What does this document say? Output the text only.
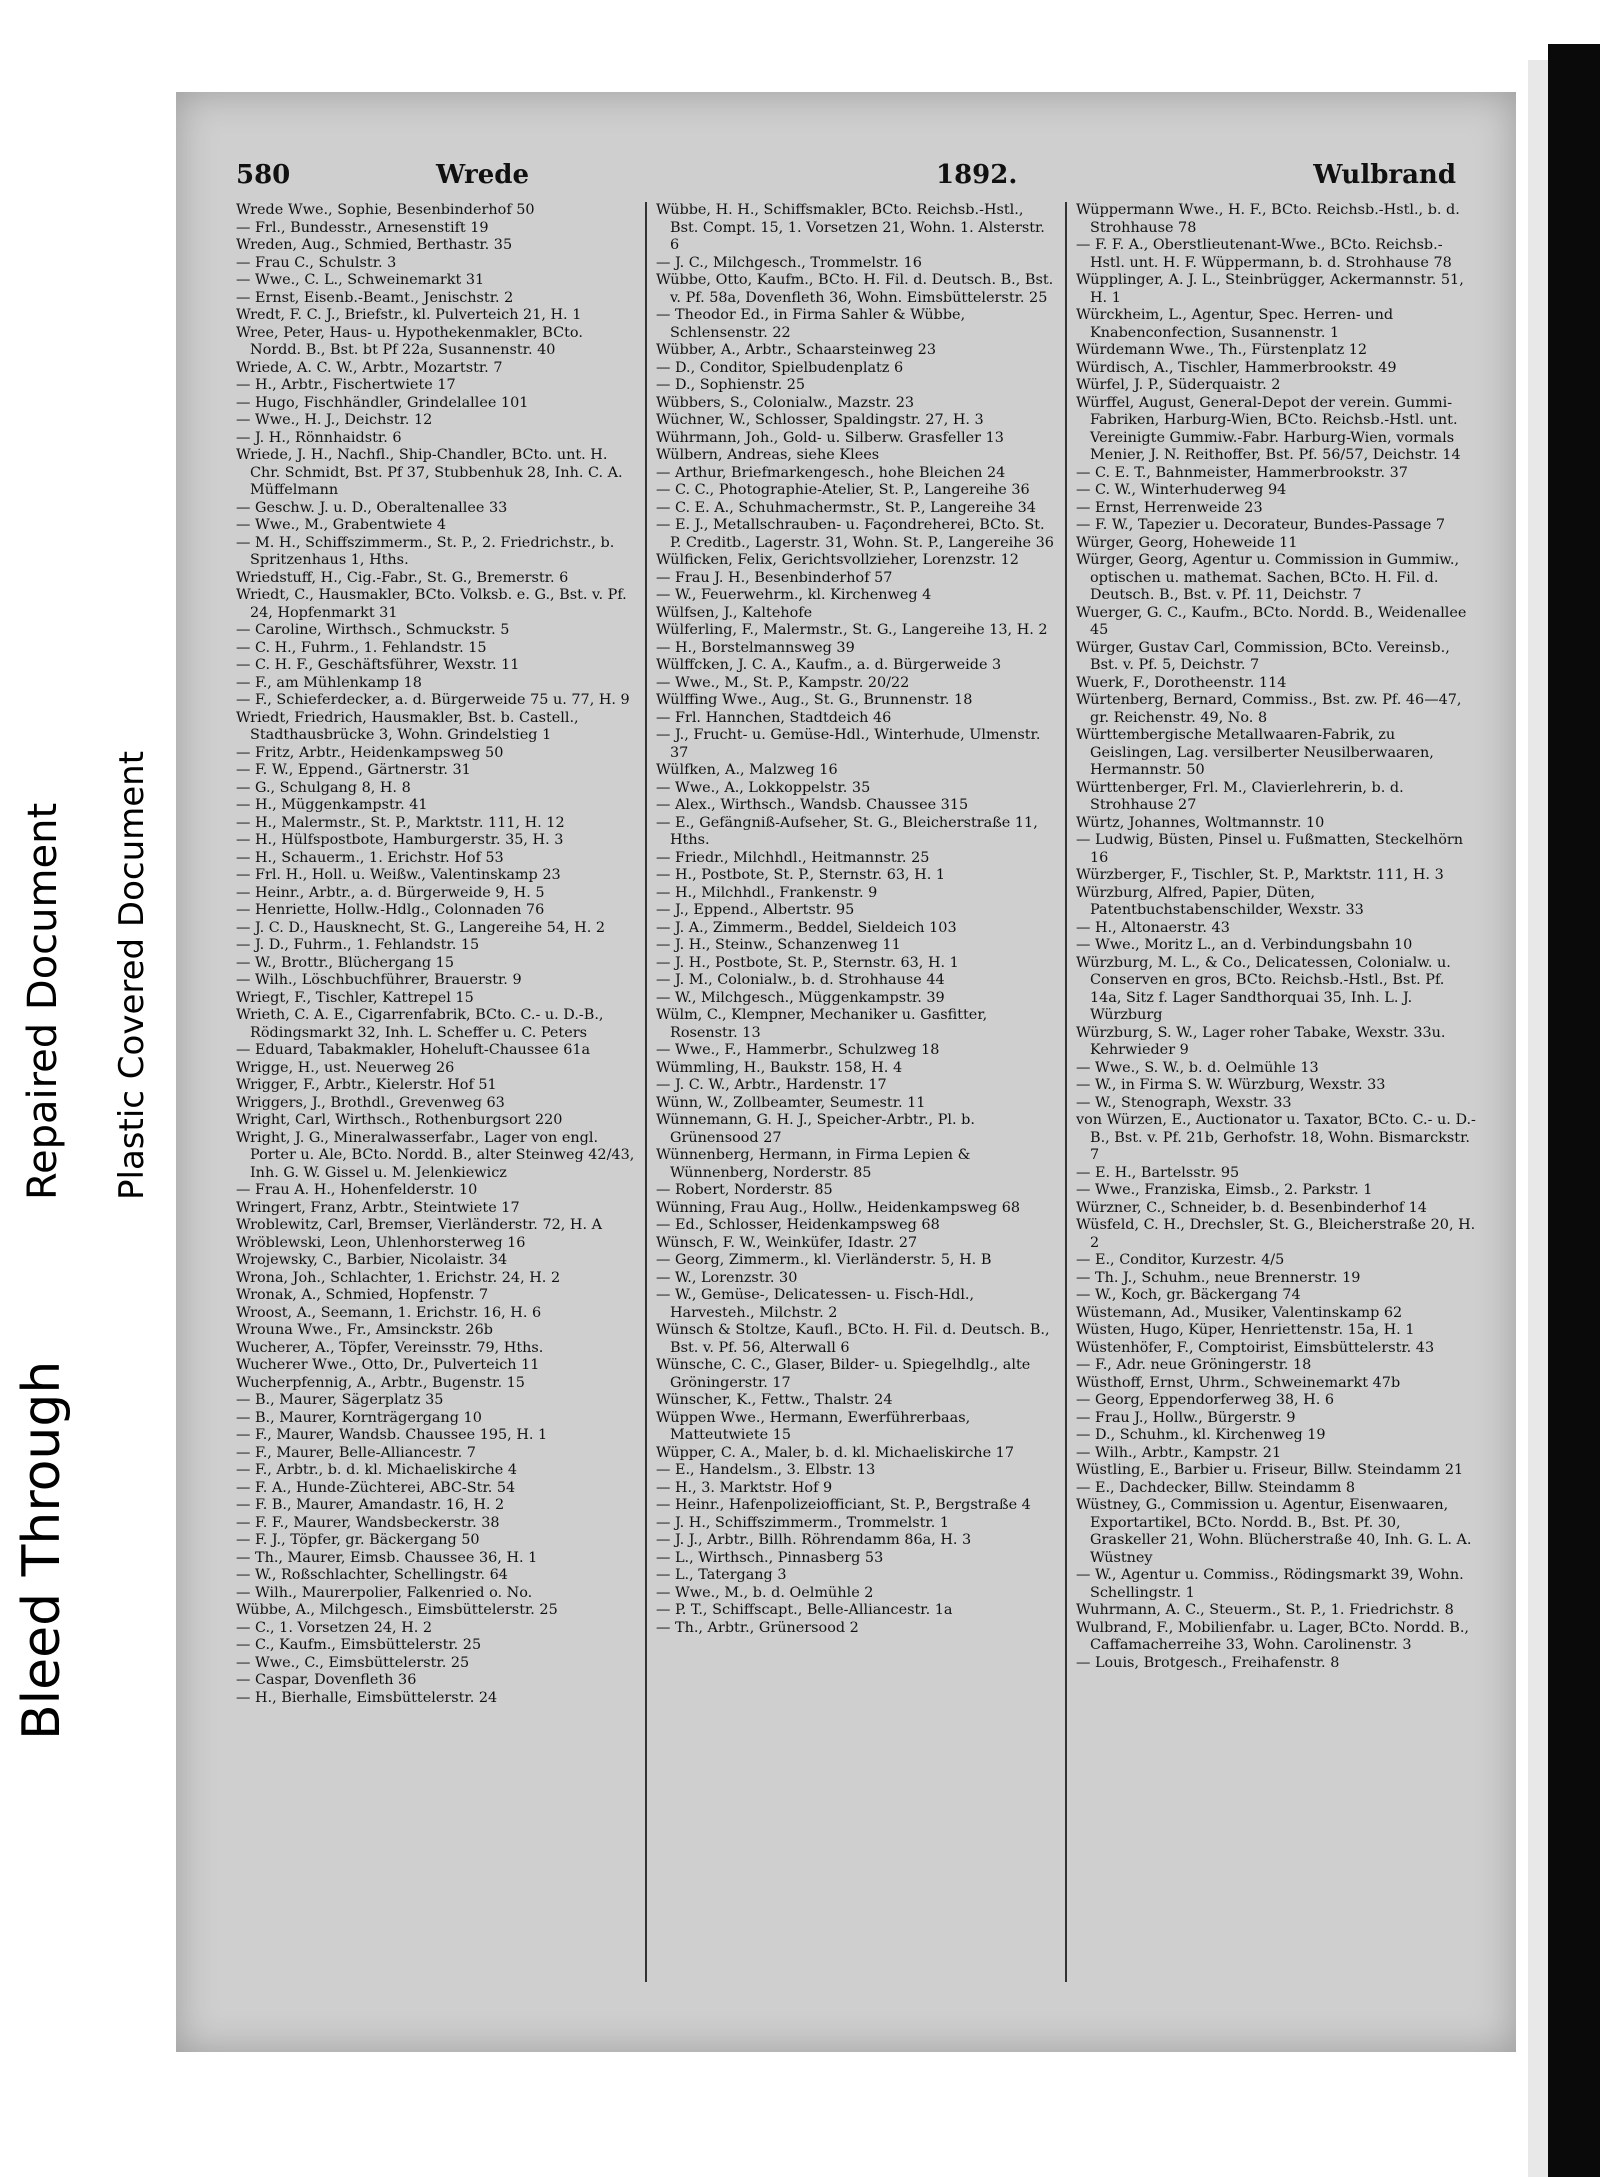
Bleed Through
Repaired Document Plastic Covered Document
580	Wrede	1892.	Wulbrand

Wrede Wwe., Sophie, Besenbinderhof 50

— Frl., Bundesstr., Arnesenstift 19

Wreden, Aug., Schmied, Berthastr. 35

— Frau C., Schulstr. 3

— Wwe., C. L., Schweinemarkt 31

— Ernst, Eisenb.-Beamt., Jenischstr. 2

Wredt, F. C. J., Briefstr., kl. Pulverteich 21, H. 1

Wree, Peter, Haus- u. Hypothekenmakler, BCto. Nordd. B., Bst. bt Pf 22a, Susannenstr. 40

Wriede, A. C. W., Arbtr., Mozartstr. 7

— H., Arbtr., Fischertwiete 17

— Hugo, Fischhändler, Grindelallee 101

— Wwe., H. J., Deichstr. 12

— J. H., Rönnhaidstr. 6

Wriede, J. H., Nachfl., Ship-Chandler, BCto. unt. H. Chr. Schmidt, Bst. Pf 37, Stubbenhuk 28, Inh. C. A. Müffelmann

— Geschw. J. u. D., Oberaltenallee 33

— Wwe., M., Grabentwiete 4

— M. H., Schiffszimmerm., St. P., 2. Friedrichstr., b. Spritzenhaus 1, Hths.

Wriedstuff, H., Cig.-Fabr., St. G., Bremerstr. 6

Wriedt, C., Hausmakler, BCto. Volksb. e. G., Bst. v. Pf. 24, Hopfenmarkt 31

— Caroline, Wirthsch., Schmuckstr. 5

— C. H., Fuhrm., 1. Fehlandstr. 15

— C. H. F., Geschäftsführer, Wexstr. 11

— F., am Mühlenkamp 18

— F., Schieferdecker, a. d. Bürgerweide 75 u. 77, H. 9

Wriedt, Friedrich, Hausmakler, Bst. b. Castell., Stadthausbrücke 3, Wohn. Grindelstieg 1

— Fritz, Arbtr., Heidenkampsweg 50

— F. W., Eppend., Gärtnerstr. 31

— G., Schulgang 8, H. 8

— H., Müggenkampstr. 41

— H., Malermstr., St. P., Marktstr. 111, H. 12

— H., Hülfspostbote, Hamburgerstr. 35, H. 3

— H., Schauerm., 1. Erichstr. Hof 53

— Frl. H., Holl. u. Weißw., Valentinskamp 23

— Heinr., Arbtr., a. d. Bürgerweide 9, H. 5

— Henriette, Hollw.-Hdlg., Colonnaden 76

— J. C. D., Hausknecht, St. G., Langereihe 54, H. 2

— J. D., Fuhrm., 1. Fehlandstr. 15

— W., Brottr., Blüchergang 15

— Wilh., Löschbuchführer, Brauerstr. 9

Wriegt, F., Tischler, Kattrepel 15

Wrieth, C. A. E., Cigarrenfabrik, BCto. C.- u. D.-B., Rödingsmarkt 32, Inh. L. Scheffer u. C. Peters

— Eduard, Tabakmakler, Hoheluft-Chaussee 61a

Wrigge, H., ust. Neuerweg 26

Wrigger, F., Arbtr., Kielerstr. Hof 51

Wriggers, J., Brothdl., Grevenweg 63

Wright, Carl, Wirthsch., Rothenburgsort 220

Wright, J. G., Mineralwasserfabr., Lager von engl. Porter u. Ale, BCto. Nordd. B., alter Steinweg 42/43, Inh. G. W. Gissel u. M. Jelenkiewicz

— Frau A. H., Hohenfelderstr. 10

Wringert, Franz, Arbtr., Steintwiete 17

Wroblewitz, Carl, Bremser, Vierländerstr. 72, H. A

Wröblewski, Leon, Uhlenhorsterweg 16

Wrojewsky, C., Barbier, Nicolaistr. 34

Wrona, Joh., Schlachter, 1. Erichstr. 24, H. 2

Wronak, A., Schmied, Hopfenstr. 7

Wroost, A., Seemann, 1. Erichstr. 16, H. 6

Wrouna Wwe., Fr., Amsinckstr. 26b

Wucherer, A., Töpfer, Vereinsstr. 79, Hths.

Wucherer Wwe., Otto, Dr., Pulverteich 11

Wucherpfennig, A., Arbtr., Bugenstr. 15

— B., Maurer, Sägerplatz 35

— B., Maurer, Kornträgergang 10

— F., Maurer, Wandsb. Chaussee 195, H. 1

— F., Maurer, Belle-Alliancestr. 7

— F., Arbtr., b. d. kl. Michaeliskirche 4

— F. A., Hunde-Züchterei, ABC-Str. 54

— F. B., Maurer, Amandastr. 16, H. 2

— F. F., Maurer, Wandsbeckerstr. 38

— F. J., Töpfer, gr. Bäckergang 50

— Th., Maurer, Eimsb. Chaussee 36, H. 1

— W., Roßschlachter, Schellingstr. 64

— Wilh., Maurerpolier, Falkenried o. No.

Wübbe, A., Milchgesch., Eimsbüttelerstr. 25

— C., 1. Vorsetzen 24, H. 2

— C., Kaufm., Eimsbüttelerstr. 25

— Wwe., C., Eimsbüttelerstr. 25

— Caspar, Dovenfleth 36

— H., Bierhalle, Eimsbüttelerstr. 24

Wübbe, H. H., Schiffsmakler, BCto. Reichsb.-Hstl., Bst. Compt. 15, 1. Vorsetzen 21, Wohn. 1. Alsterstr. 6

— J. C., Milchgesch., Trommelstr. 16

Wübbe, Otto, Kaufm., BCto. H. Fil. d. Deutsch. B., Bst. v. Pf. 58a, Dovenfleth 36, Wohn. Eimsbüttelerstr. 25

— Theodor Ed., in Firma Sahler & Wübbe, Schlensenstr. 22

Wübber, A., Arbtr., Schaarsteinweg 23

— D., Conditor, Spielbudenplatz 6

— D., Sophienstr. 25

Wübbers, S., Colonialw., Mazstr. 23

Wüchner, W., Schlosser, Spaldingstr. 27, H. 3

Wührmann, Joh., Gold- u. Silberw. Grasfeller 13

Wülbern, Andreas, siehe Klees

— Arthur, Briefmarkengesch., hohe Bleichen 24

— C. C., Photographie-Atelier, St. P., Langereihe 36

— C. E. A., Schuhmachermstr., St. P., Langereihe 34

— E. J., Metallschrauben- u. Façondreherei, BCto. St. P. Creditb., Lagerstr. 31, Wohn. St. P., Langereihe 36

Wülficken, Felix, Gerichtsvollzieher, Lorenzstr. 12

— Frau J. H., Besenbinderhof 57

— W., Feuerwehrm., kl. Kirchenweg 4

Wülfsen, J., Kaltehofe

Wülferling, F., Malermstr., St. G., Langereihe 13, H. 2

— H., Borstelmannsweg 39

Wülffcken, J. C. A., Kaufm., a. d. Bürgerweide 3

— Wwe., M., St. P., Kampstr. 20/22

Wülffing Wwe., Aug., St. G., Brunnenstr. 18

— Frl. Hannchen, Stadtdeich 46

— J., Frucht- u. Gemüse-Hdl., Winterhude, Ulmenstr. 37

Wülfken, A., Malzweg 16

— Wwe., A., Lokkoppelstr. 35

— Alex., Wirthsch., Wandsb. Chaussee 315

— E., Gefängniß-Aufseher, St. G., Bleicherstraße 11, Hths.

— Friedr., Milchhdl., Heitmannstr. 25

— H., Postbote, St. P., Sternstr. 63, H. 1

— H., Milchhdl., Frankenstr. 9

— J., Eppend., Albertstr. 95

— J. A., Zimmerm., Beddel, Sieldeich 103

— J. H., Steinw., Schanzenweg 11

— J. H., Postbote, St. P., Sternstr. 63, H. 1

— J. M., Colonialw., b. d. Strohhause 44

— W., Milchgesch., Müggenkampstr. 39

Wülm, C., Klempner, Mechaniker u. Gasfitter, Rosenstr. 13

— Wwe., F., Hammerbr., Schulzweg 18

Wümmling, H., Baukstr. 158, H. 4

— J. C. W., Arbtr., Hardenstr. 17

Wünn, W., Zollbeamter, Seumestr. 11

Wünnemann, G. H. J., Speicher-Arbtr., Pl. b. Grünensood 27

Wünnenberg, Hermann, in Firma Lepien & Wünnenberg, Norderstr. 85

— Robert, Norderstr. 85

Wünning, Frau Aug., Hollw., Heidenkampsweg 68

— Ed., Schlosser, Heidenkampsweg 68

Wünsch, F. W., Weinküfer, Idastr. 27

— Georg, Zimmerm., kl. Vierländerstr. 5, H. B

— W., Lorenzstr. 30

— W., Gemüse-, Delicatessen- u. Fisch-Hdl., Harvesteh., Milchstr. 2

Wünsch & Stoltze, Kaufl., BCto. H. Fil. d. Deutsch. B., Bst. v. Pf. 56, Alterwall 6

Wünsche, C. C., Glaser, Bilder- u. Spiegelhdlg., alte Gröningerstr. 17

Wünscher, K., Fettw., Thalstr. 24

Wüppen Wwe., Hermann, Ewerführerbaas, Matteutwiete 15

Wüpper, C. A., Maler, b. d. kl. Michaeliskirche 17

— E., Handelsm., 3. Elbstr. 13

— H., 3. Marktstr. Hof 9

— Heinr., Hafenpolizeiofficiant, St. P., Bergstraße 4

— J. H., Schiffszimmerm., Trommelstr. 1

— J. J., Arbtr., Billh. Röhrendamm 86a, H. 3

— L., Wirthsch., Pinnasberg 53

— L., Tatergang 3

— Wwe., M., b. d. Oelmühle 2

— P. T., Schiffscapt., Belle-Alliancestr. 1a

— Th., Arbtr., Grünersood 2

Wüppermann Wwe., H. F., BCto. Reichsb.-Hstl., b. d. Strohhause 78

— F. F. A., Oberstlieutenant-Wwe., BCto. Reichsb.-Hstl. unt. H. F. Wüppermann, b. d. Strohhause 78

Wüpplinger, A. J. L., Steinbrügger, Ackermannstr. 51, H. 1

Würckheim, L., Agentur, Spec. Herren- und Knabenconfection, Susannenstr. 1

Würdemann Wwe., Th., Fürstenplatz 12

Würdisch, A., Tischler, Hammerbrookstr. 49

Würfel, J. P., Süderquaistr. 2

Würffel, August, General-Depot der verein. Gummi-Fabriken, Harburg-Wien, BCto. Reichsb.-Hstl. unt. Vereinigte Gummiw.-Fabr. Harburg-Wien, vormals Menier, J. N. Reithoffer, Bst. Pf. 56/57, Deichstr. 14

— C. E. T., Bahnmeister, Hammerbrookstr. 37

— C. W., Winterhuderweg 94

— Ernst, Herrenweide 23

— F. W., Tapezier u. Decorateur, Bundes-Passage 7

Würger, Georg, Hoheweide 11

Würger, Georg, Agentur u. Commission in Gummiw., optischen u. mathemat. Sachen, BCto. H. Fil. d. Deutsch. B., Bst. v. Pf. 11, Deichstr. 7

Wuerger, G. C., Kaufm., BCto. Nordd. B., Weidenallee 45

Würger, Gustav Carl, Commission, BCto. Vereinsb., Bst. v. Pf. 5, Deichstr. 7

Wuerk, F., Dorotheenstr. 114

Würtenberg, Bernard, Commiss., Bst. zw. Pf. 46—47, gr. Reichenstr. 49, No. 8

Württembergische Metallwaaren-Fabrik, zu Geislingen, Lag. versilberter Neusilberwaaren, Hermannstr. 50

Württenberger, Frl. M., Clavierlehrerin, b. d. Strohhause 27

Würtz, Johannes, Woltmannstr. 10

— Ludwig, Büsten, Pinsel u. Fußmatten, Steckelhörn 16

Würzberger, F., Tischler, St. P., Marktstr. 111, H. 3

Würzburg, Alfred, Papier, Düten, Patentbuchstabenschilder, Wexstr. 33

— H., Altonaerstr. 43

— Wwe., Moritz L., an d. Verbindungsbahn 10

Würzburg, M. L., & Co., Delicatessen, Colonialw. u. Conserven en gros, BCto. Reichsb.-Hstl., Bst. Pf. 14a, Sitz f. Lager Sandthorquai 35, Inh. L. J. Würzburg

Würzburg, S. W., Lager roher Tabake, Wexstr. 33u. Kehrwieder 9

— Wwe., S. W., b. d. Oelmühle 13

— W., in Firma S. W. Würzburg, Wexstr. 33

— W., Stenograph, Wexstr. 33

von Würzen, E., Auctionator u. Taxator, BCto. C.- u. D.-B., Bst. v. Pf. 21b, Gerhofstr. 18, Wohn. Bismarckstr. 7

— E. H., Bartelsstr. 95

— Wwe., Franziska, Eimsb., 2. Parkstr. 1

Würzner, C., Schneider, b. d. Besenbinderhof 14

Wüsfeld, C. H., Drechsler, St. G., Bleicherstraße 20, H. 2

— E., Conditor, Kurzestr. 4/5

— Th. J., Schuhm., neue Brennerstr. 19

— W., Koch, gr. Bäckergang 74

Wüstemann, Ad., Musiker, Valentinskamp 62

Wüsten, Hugo, Küper, Henriettenstr. 15a, H. 1

Wüstenhöfer, F., Comptoirist, Eimsbüttelerstr. 43

— F., Adr. neue Gröningerstr. 18

Wüsthoff, Ernst, Uhrm., Schweinemarkt 47b

— Georg, Eppendorferweg 38, H. 6

— Frau J., Hollw., Bürgerstr. 9

— D., Schuhm., kl. Kirchenweg 19

— Wilh., Arbtr., Kampstr. 21

Wüstling, E., Barbier u. Friseur, Billw. Steindamm 21

— E., Dachdecker, Billw. Steindamm 8

Wüstney, G., Commission u. Agentur, Eisenwaaren, Exportartikel, BCto. Nordd. B., Bst. Pf. 30, Graskeller 21, Wohn. Blücherstraße 40, Inh. G. L. A. Wüstney

— W., Agentur u. Commiss., Rödingsmarkt 39, Wohn. Schellingstr. 1

Wuhrmann, A. C., Steuerm., St. P., 1. Friedrichstr. 8

Wulbrand, F., Mobilienfabr. u. Lager, BCto. Nordd. B., Caffamacherreihe 33, Wohn. Carolinenstr. 3

— Louis, Brotgesch., Freihafenstr. 8
